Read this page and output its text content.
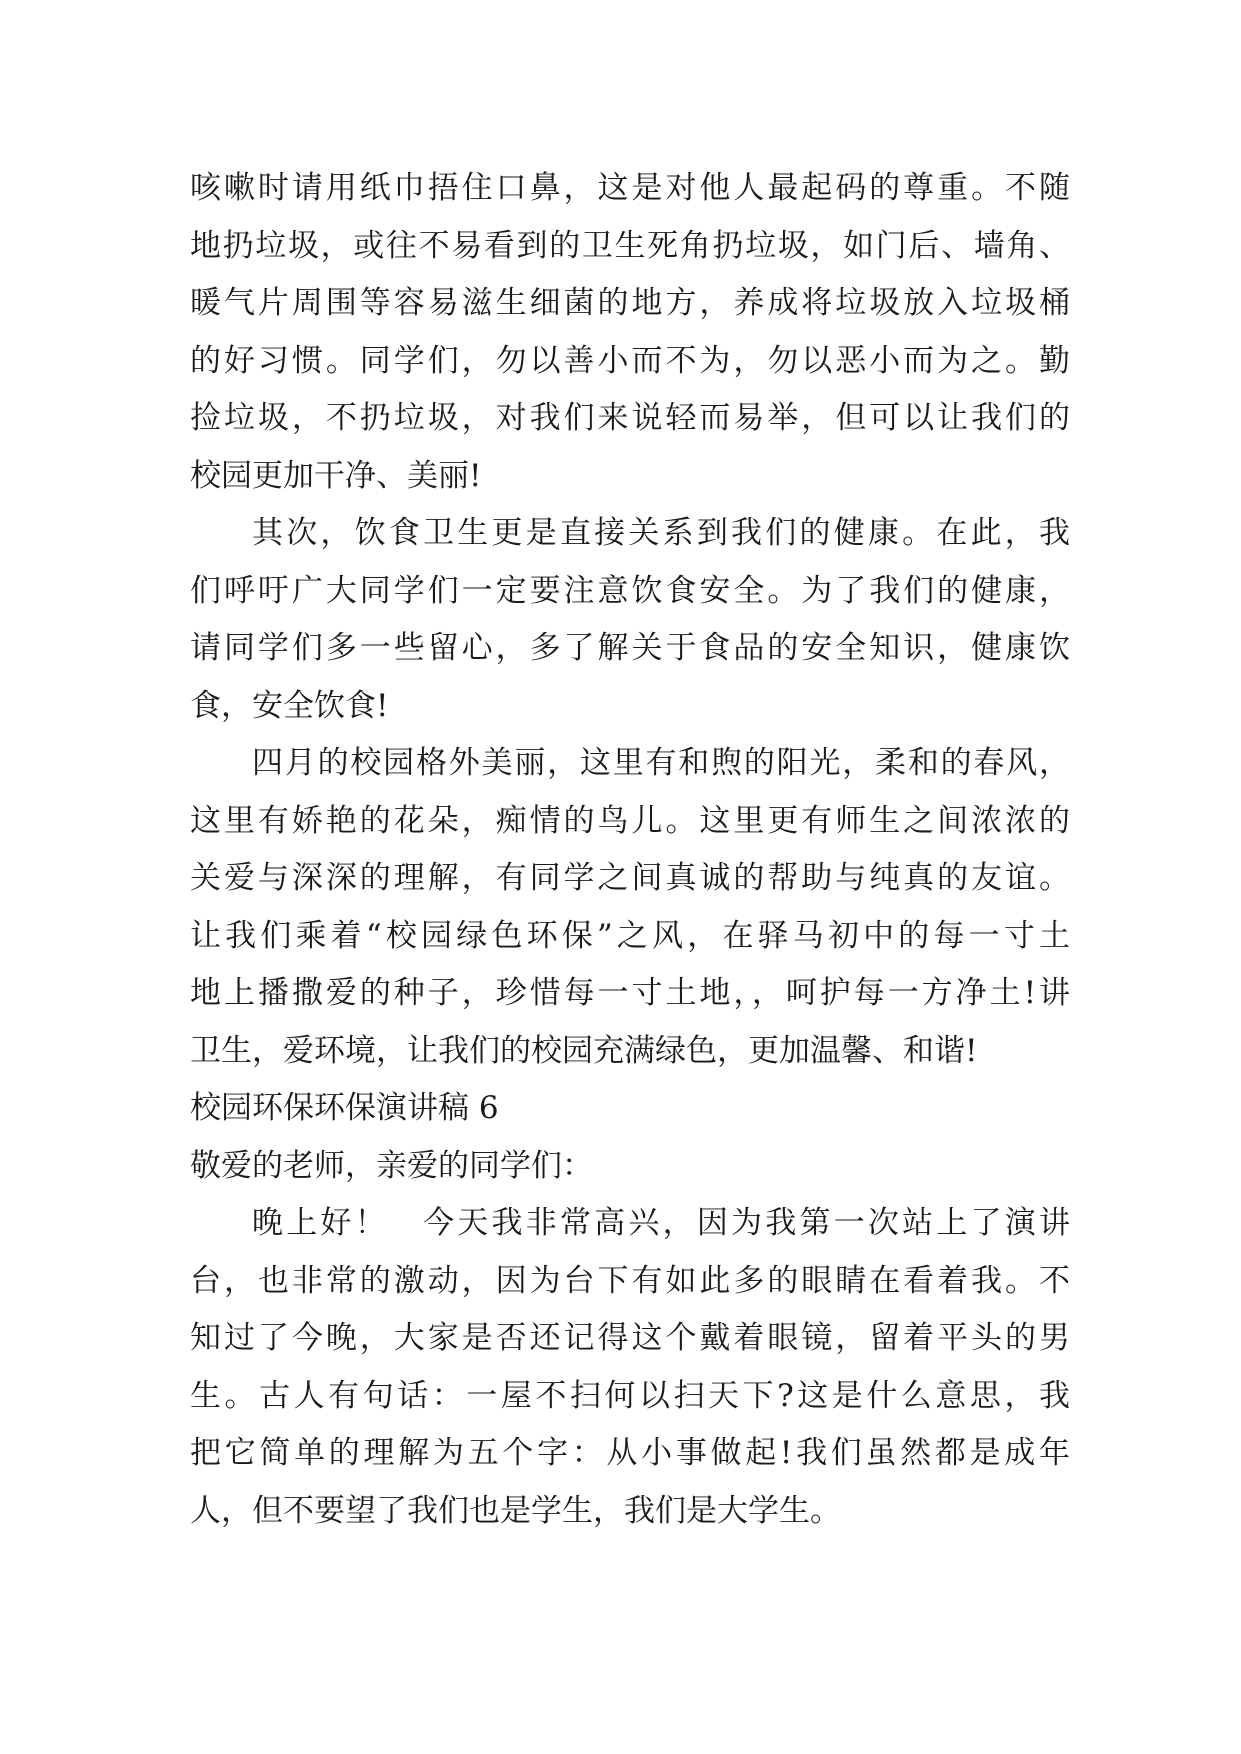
咳嗽时请用纸巾捂住口鼻，这是对他人最起码的尊重。不随
地扔垃圾，或往不易看到的卫生死角扔垃圾，如门后、墙角、
暖气片周围等容易滋生细菌的地方，养成将垃圾放入垃圾桶
的好习惯。同学们，勿以善小而不为，勿以恶小而为之。勤
捡垃圾，不扔垃圾，对我们来说轻而易举，但可以让我们的
校园更加干净、美丽!
其次，饮食卫生更是直接关系到我们的健康。在此，我
们呼吁广大同学们一定要注意饮食安全。为了我们的健康，
请同学们多一些留心，多了解关于食品的安全知识，健康饮
食，安全饮食!
四月的校园格外美丽，这里有和煦的阳光，柔和的春风，
这里有娇艳的花朵，痴情的鸟儿。这里更有师生之间浓浓的
关爱与深深的理解，有同学之间真诚的帮助与纯真的友谊。
让我们乘着“校园绿色环保”之风，在驿马初中的每一寸土
地上播撒爱的种子，珍惜每一寸土地，，呵护每一方净土!讲
卫生，爱环境，让我们的校园充满绿色，更加温馨、和谐!
校园环保环保演讲稿 6
敬爱的老师，亲爱的同学们：
晚上好！　今天我非常高兴，因为我第一次站上了演讲
台，也非常的激动，因为台下有如此多的眼睛在看着我。不
知过了今晚，大家是否还记得这个戴着眼镜，留着平头的男
生。古人有句话：一屋不扫何以扫天下?这是什么意思，我
把它简单的理解为五个字：从小事做起!我们虽然都是成年
人，但不要望了我们也是学生，我们是大学生。
